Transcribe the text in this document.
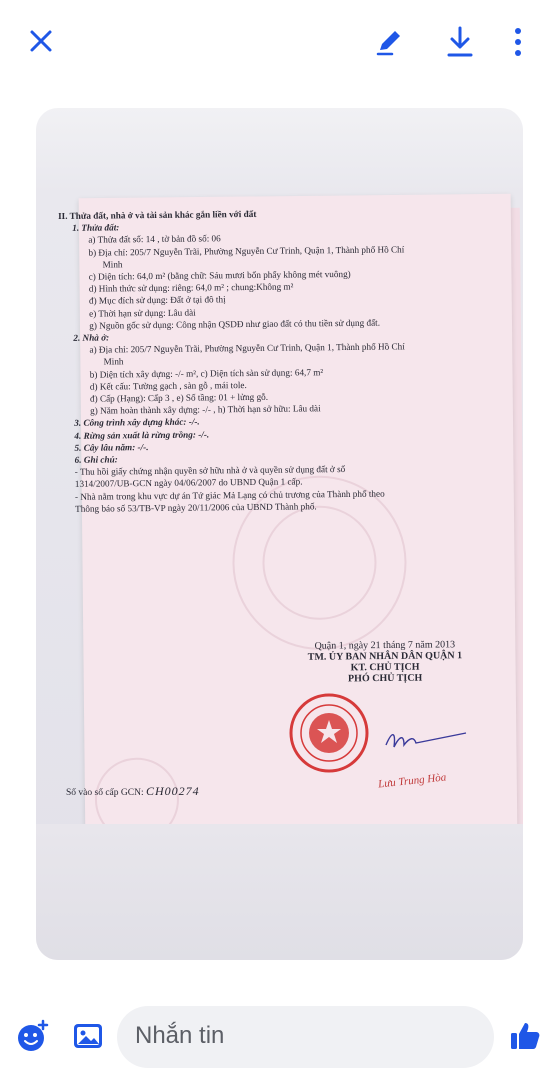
II. Thửa đất, nhà ở và tài sản khác gắn liền với đất
1. Thửa đất:
a) Thửa đất số: 14 , tờ bản đồ số: 06
b) Địa chỉ: 205/7 Nguyễn Trãi, Phường Nguyễn Cư Trinh, Quận 1, Thành phố Hồ Chí
Minh
c) Diện tích: 64,0 m² (bằng chữ: Sáu mươi bốn phẩy không mét vuông)
d) Hình thức sử dụng: riêng: 64,0 m² ; chung:Không m²
đ) Mục đích sử dụng: Đất ở tại đô thị
e) Thời hạn sử dụng: Lâu dài
g) Nguồn gốc sử dụng: Công nhận QSDĐ như giao đất có thu tiền sử dụng đất.
2. Nhà ở:
a) Địa chỉ: 205/7 Nguyễn Trãi, Phường Nguyễn Cư Trinh, Quận 1, Thành phố Hồ Chí
Minh
b) Diện tích xây dựng: -/- m², c) Diện tích sàn sử dụng: 64,7 m²
d) Kết cấu: Tường gạch , sàn gỗ , mái tole.
đ) Cấp (Hạng): Cấp 3 , e) Số tầng: 01 + lửng gỗ.
g) Năm hoàn thành xây dựng: -/- , h) Thời hạn sở hữu: Lâu dài
3. Công trình xây dựng khác: -/-.
4. Rừng sản xuất là rừng trồng: -/-.
5. Cây lâu năm: -/-.
6. Ghi chú:
- Thu hồi giấy chứng nhận quyền sở hữu nhà ở và quyền sử dụng đất ở số
1314/2007/UB-GCN ngày 04/06/2007 do UBND Quận 1 cấp.
- Nhà nằm trong khu vực dự án Tứ giác Mả Lạng có chủ trương của Thành phố theo
Thông báo số 53/TB-VP ngày 20/11/2006 của UBND Thành phố.
Quận 1, ngày 21 tháng 7 năm 2013
TM. ỦY BAN NHÂN DÂN QUẬN 1
KT. CHỦ TỊCH
PHÓ CHỦ TỊCH
Lưu Trung Hòa
Số vào sổ cấp GCN: CH00274
Nhắn tin
